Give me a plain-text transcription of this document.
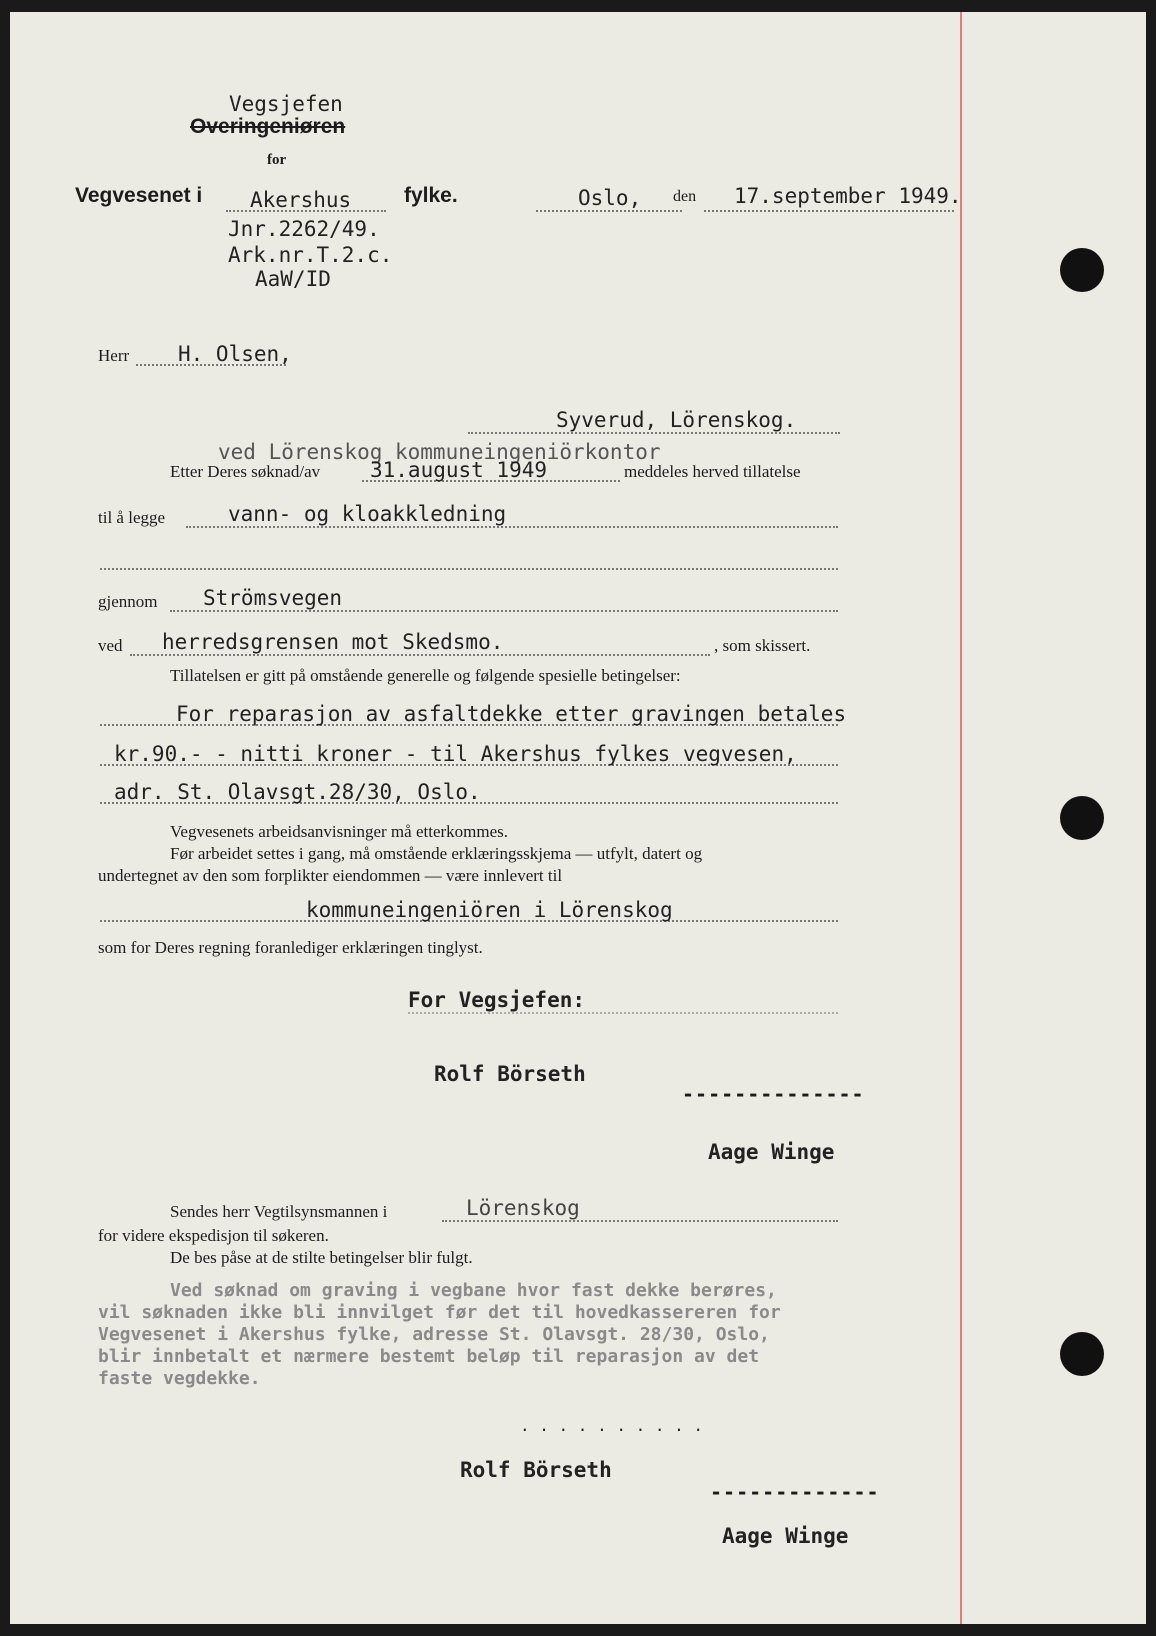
Vegsjefen
Overingeniøren
for
Vegvesenet i Akershus	fylke.	Oslo, den 17.september 1949.
Jnr.2262/49.
Ark.nr.T.2.c.
AaW/ID
Herr H. Olsen,
Syverud, Lörenskog.
ved Lörenskog kommuneingeniörkontor
Etter Deres søknad/av 31.august 1949	meddeles herved tillatelse
til å legge	vann- og kloakkledning
gjennom Strömsvegen
ved herredsgrensen mot Skedsmo.	, som skissert.
Tillatelsen er gitt på omstående generelle og følgende spesielle betingelser:
For reparasjon av asfaltdekke etter gravingen betales
kr.90.- - nitti kroner - til Akershus fylkes vegvesen,
adr. St. Olavsgt.28/30, Oslo.
Vegvesenets arbeidsanvisninger må etterkommes.
Før arbeidet settes i gang, må omstående erklæringsskjema — utfylt, datert og
undertegnet av den som forplikter eiendommen — være innlevert til
kommuneingeniören i Lörenskog
som for Deres regning foranlediger erklæringen tinglyst.
For Vegsjefen:
Rolf Börseth
--------------
Aage Winge
Sendes herr Vegtilsynsmannen i	Lörenskog
for videre ekspedisjon til søkeren.
De bes påse at de stilte betingelser blir fulgt.
Ved søknad om graving i vegbane hvor fast dekke berøres,
vil søknaden ikke bli innvilget før det til hovedkassereren for
Vegvesenet i Akershus fylke, adresse St. Olavsgt. 28/30, Oslo,
blir innbetalt et nærmere bestemt beløp til reparasjon av det
faste vegdekke.
. . . . . . . . . .
Rolf Börseth
-------------
Aage Winge
